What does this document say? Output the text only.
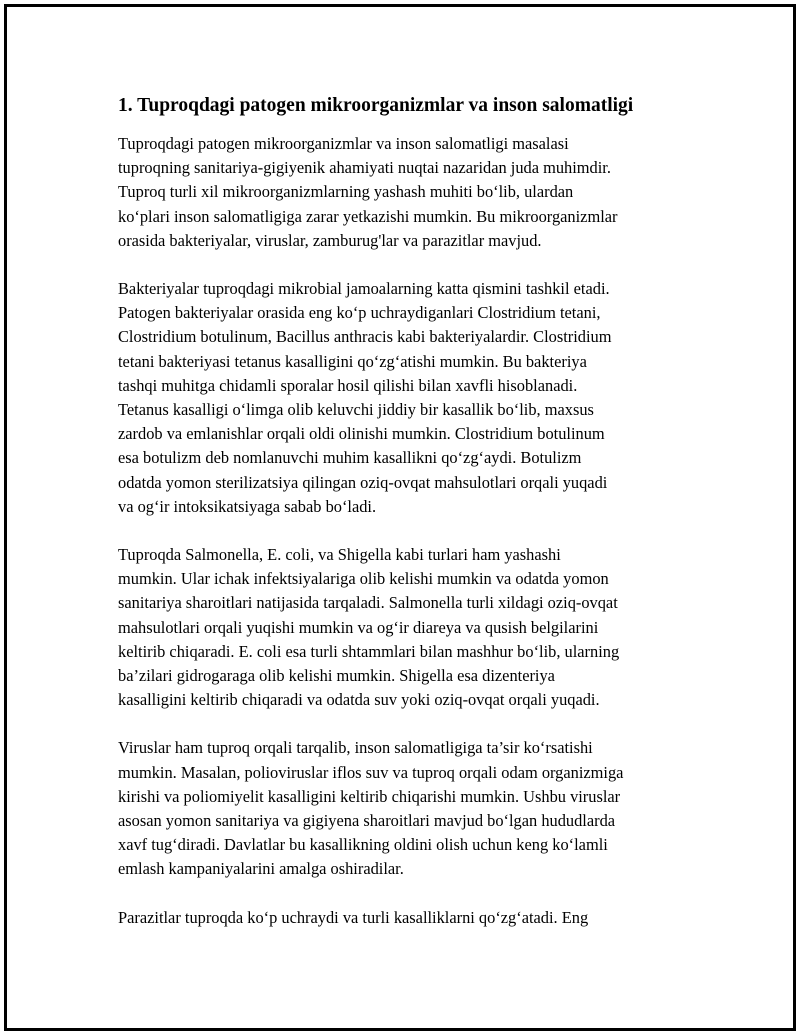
1. Tuproqdagi patogen mikroorganizmlar va inson salomatligi

Tuproqdagi patogen mikroorganizmlar va inson salomatligi masalasi
tuproqning sanitariya-gigiyenik ahamiyati nuqtai nazaridan juda muhimdir.
Tuproq turli xil mikroorganizmlarning yashash muhiti bo‘lib, ulardan
ko‘plari inson salomatligiga zarar yetkazishi mumkin. Bu mikroorganizmlar
orasida bakteriyalar, viruslar, zamburug'lar va parazitlar mavjud.

Bakteriyalar tuproqdagi mikrobial jamoalarning katta qismini tashkil etadi.
Patogen bakteriyalar orasida eng ko‘p uchraydiganlari Clostridium tetani,
Clostridium botulinum, Bacillus anthracis kabi bakteriyalardir. Clostridium
tetani bakteriyasi tetanus kasalligini qo‘zg‘atishi mumkin. Bu bakteriya
tashqi muhitga chidamli sporalar hosil qilishi bilan xavfli hisoblanadi.
Tetanus kasalligi o‘limga olib keluvchi jiddiy bir kasallik bo‘lib, maxsus
zardob va emlanishlar orqali oldi olinishi mumkin. Clostridium botulinum
esa botulizm deb nomlanuvchi muhim kasallikni qo‘zg‘aydi. Botulizm
odatda yomon sterilizatsiya qilingan oziq-ovqat mahsulotlari orqali yuqadi
va og‘ir intoksikatsiyaga sabab bo‘ladi.

Tuproqda Salmonella, E. coli, va Shigella kabi turlari ham yashashi
mumkin. Ular ichak infektsiyalariga olib kelishi mumkin va odatda yomon
sanitariya sharoitlari natijasida tarqaladi. Salmonella turli xildagi oziq-ovqat
mahsulotlari orqali yuqishi mumkin va og‘ir diareya va qusish belgilarini
keltirib chiqaradi. E. coli esa turli shtammlari bilan mashhur bo‘lib, ularning
ba’zilari gidrogaraga olib kelishi mumkin. Shigella esa dizenteriya
kasalligini keltirib chiqaradi va odatda suv yoki oziq-ovqat orqali yuqadi.

Viruslar ham tuproq orqali tarqalib, inson salomatligiga ta’sir ko‘rsatishi
mumkin. Masalan, polioviruslar iflos suv va tuproq orqali odam organizmiga
kirishi va poliomiyelit kasalligini keltirib chiqarishi mumkin. Ushbu viruslar
asosan yomon sanitariya va gigiyena sharoitlari mavjud bo‘lgan hududlarda
xavf tug‘diradi. Davlatlar bu kasallikning oldini olish uchun keng ko‘lamli
emlash kampaniyalarini amalga oshiradilar.

Parazitlar tuproqda ko‘p uchraydi va turli kasalliklarni qo‘zg‘atadi. Eng
